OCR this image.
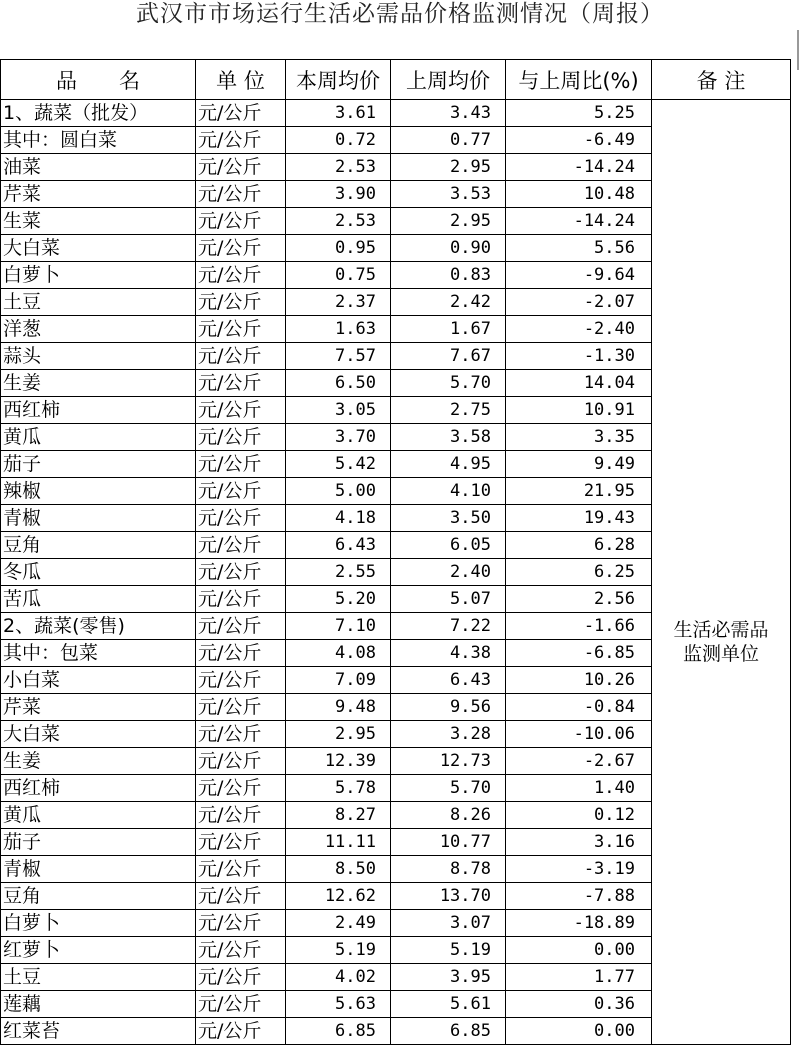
武汉市市场运行生活必需品价格监测情况（周报）
品　　名	单 位	本周均价	上周均价	与上周比(%)	备 注
1、蔬菜（批发）	元/公斤	3.61	3.43	5.25	生活必需品监测单位
其中：圆白菜	元/公斤	0.72	0.77	-6.49	
油菜	元/公斤	2.53	2.95	-14.24	
芹菜	元/公斤	3.90	3.53	10.48	
生菜	元/公斤	2.53	2.95	-14.24	
大白菜	元/公斤	0.95	0.90	5.56	
白萝卜	元/公斤	0.75	0.83	-9.64	
土豆	元/公斤	2.37	2.42	-2.07	
洋葱	元/公斤	1.63	1.67	-2.40	
蒜头	元/公斤	7.57	7.67	-1.30	
生姜	元/公斤	6.50	5.70	14.04	
西红柿	元/公斤	3.05	2.75	10.91	
黄瓜	元/公斤	3.70	3.58	3.35	
茄子	元/公斤	5.42	4.95	9.49	
辣椒	元/公斤	5.00	4.10	21.95	
青椒	元/公斤	4.18	3.50	19.43	
豆角	元/公斤	6.43	6.05	6.28	
冬瓜	元/公斤	2.55	2.40	6.25	
苦瓜	元/公斤	5.20	5.07	2.56	
2、蔬菜(零售)	元/公斤	7.10	7.22	-1.66	
其中：包菜	元/公斤	4.08	4.38	-6.85	
小白菜	元/公斤	7.09	6.43	10.26	
芹菜	元/公斤	9.48	9.56	-0.84	
大白菜	元/公斤	2.95	3.28	-10.06	
生姜	元/公斤	12.39	12.73	-2.67	
西红柿	元/公斤	5.78	5.70	1.40	
黄瓜	元/公斤	8.27	8.26	0.12	
茄子	元/公斤	11.11	10.77	3.16	
青椒	元/公斤	8.50	8.78	-3.19	
豆角	元/公斤	12.62	13.70	-7.88	
白萝卜	元/公斤	2.49	3.07	-18.89	
红萝卜	元/公斤	5.19	5.19	0.00	
土豆	元/公斤	4.02	3.95	1.77	
莲藕	元/公斤	5.63	5.61	0.36	
红菜苔	元/公斤	6.85	6.85	0.00	
